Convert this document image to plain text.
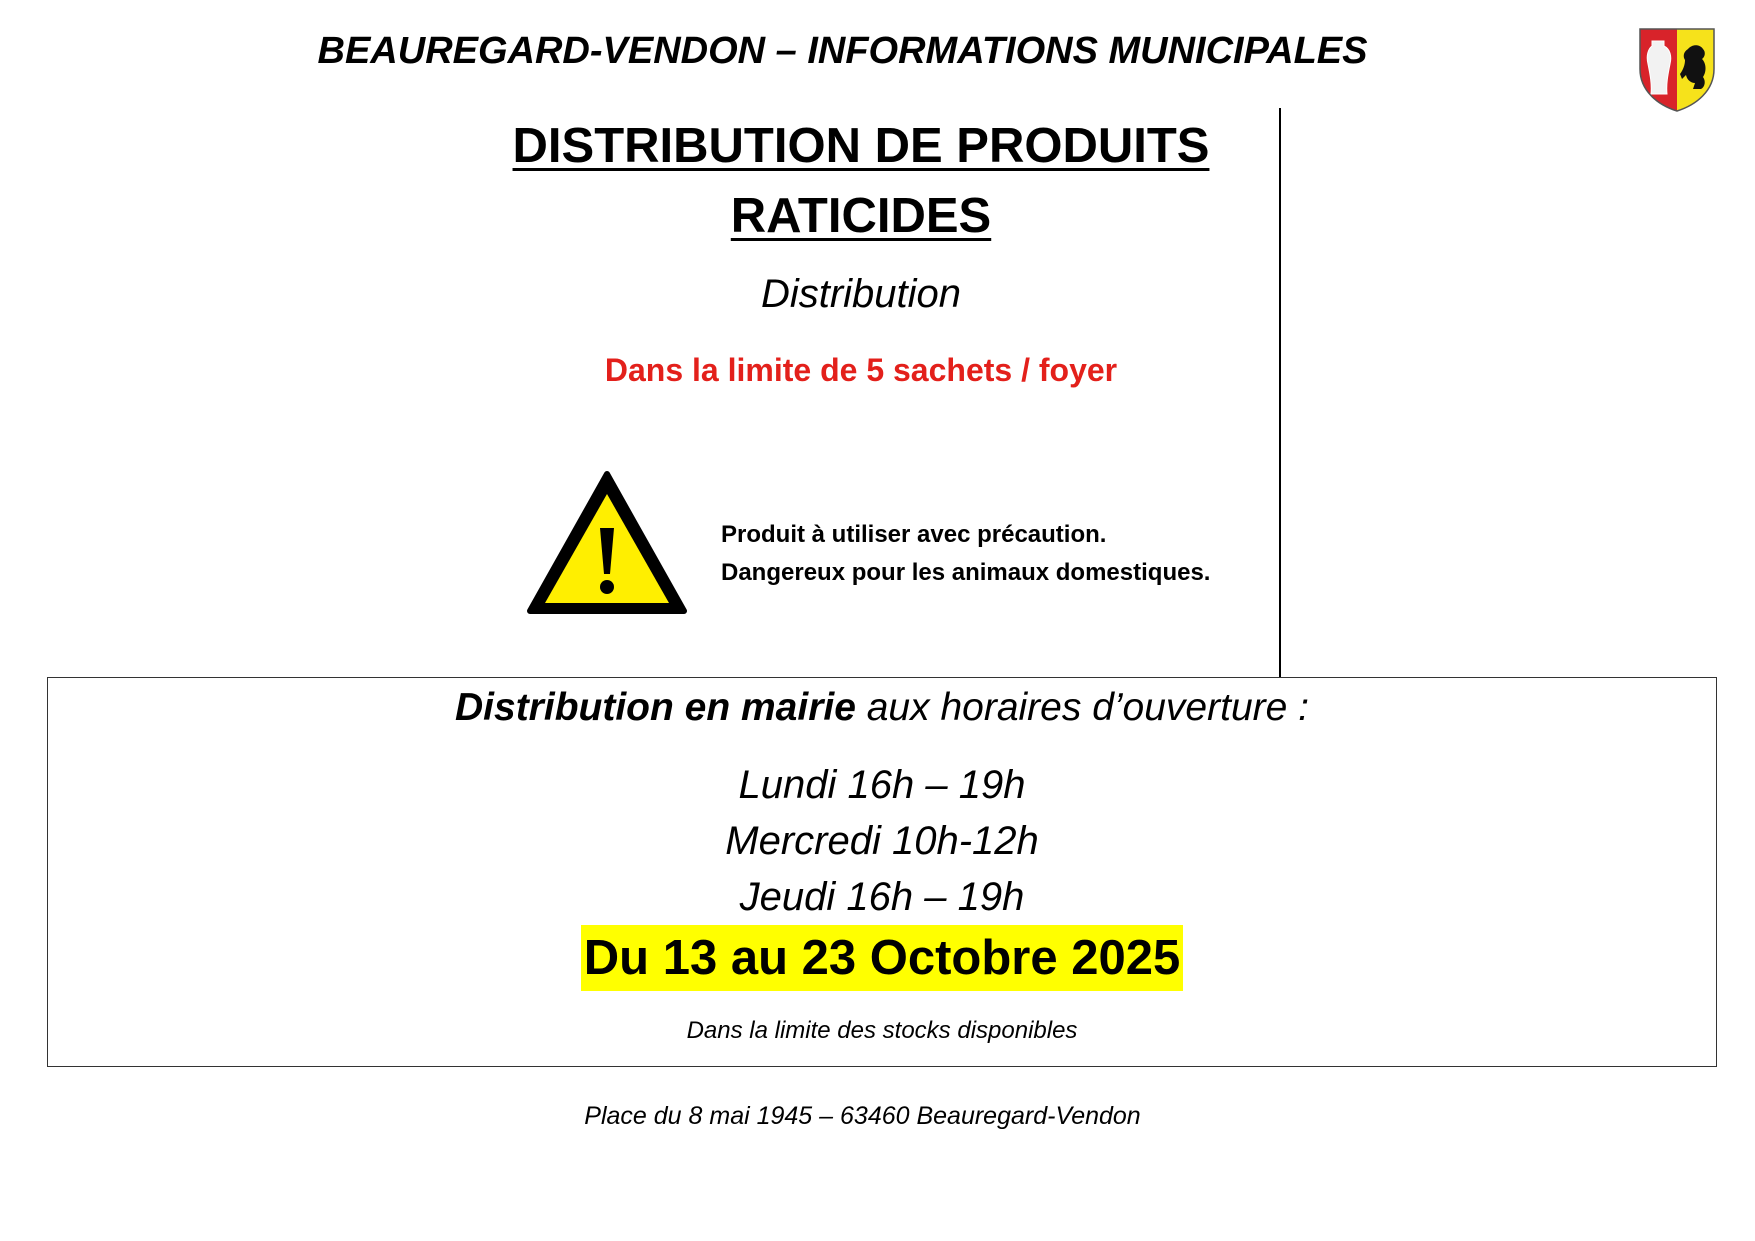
BEAUREGARD-VENDON – INFORMATIONS MUNICIPALES
DISTRIBUTION DE PRODUITS
RATICIDES
Distribution
Dans la limite de 5 sachets / foyer
Produit à utiliser avec précaution.
Dangereux pour les animaux domestiques.
Distribution en mairie aux horaires d’ouverture :
Lundi 16h – 19h
Mercredi 10h-12h
Jeudi 16h – 19h
Du 13 au 23 Octobre 2025
Dans la limite des stocks disponibles
Place du 8 mai 1945 – 63460 Beauregard-Vendon
